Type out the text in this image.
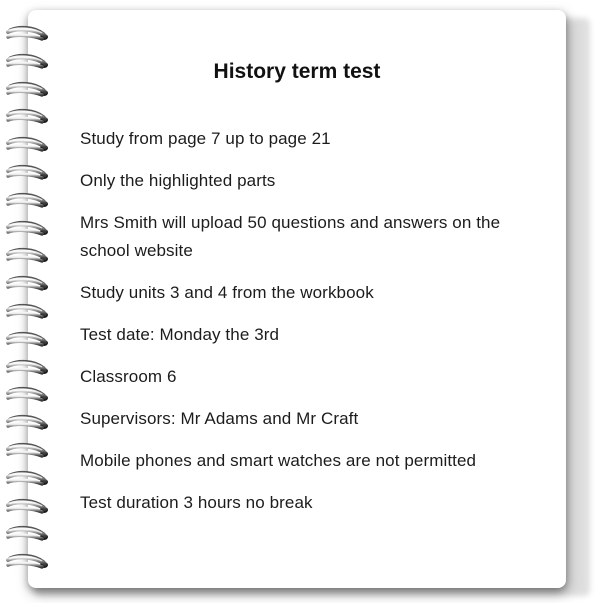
History term test
Study from page 7 up to page 21
Only the highlighted parts
Mrs Smith will upload 50 questions and answers on the school website
Study units 3 and 4 from the workbook
Test date: Monday the 3rd
Classroom 6
Supervisors: Mr Adams and Mr Craft
Mobile phones and smart watches are not permitted
Test duration 3 hours no break
